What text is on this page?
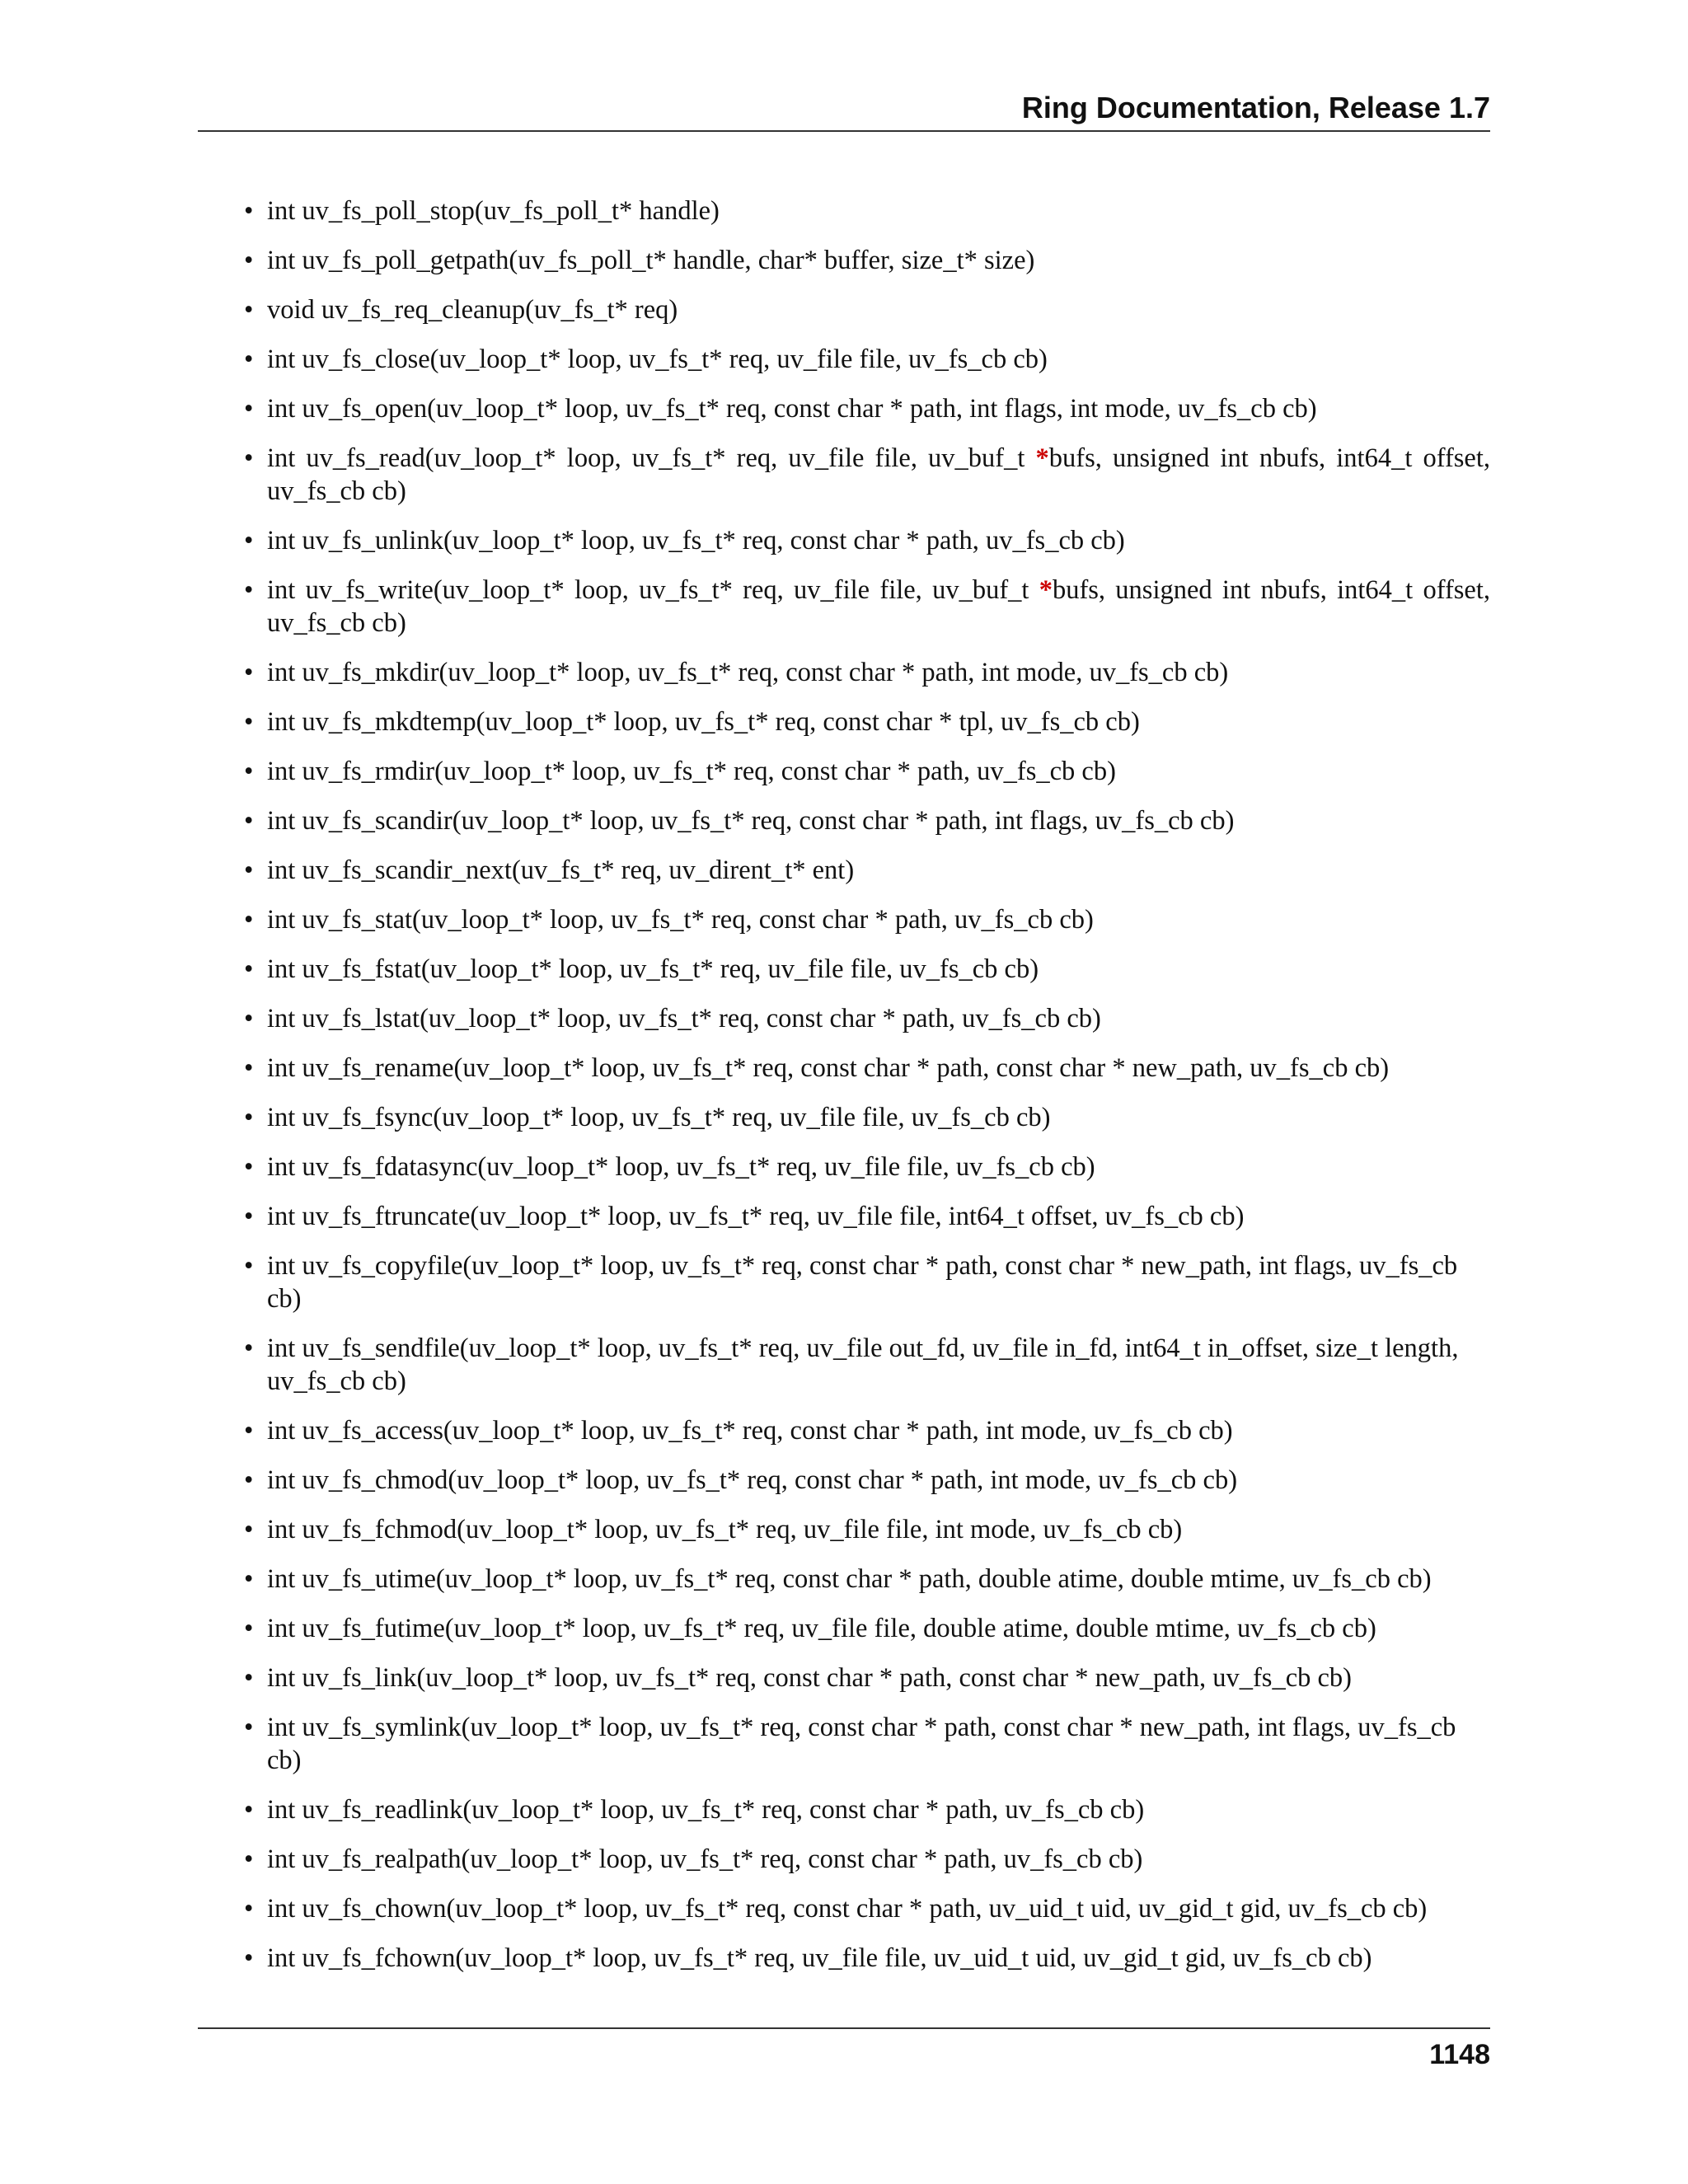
Ring Documentation, Release 1.7
• int uv_fs_poll_stop(uv_fs_poll_t* handle)
• int uv_fs_poll_getpath(uv_fs_poll_t* handle, char* buffer, size_t* size)
• void uv_fs_req_cleanup(uv_fs_t* req)
• int uv_fs_close(uv_loop_t* loop, uv_fs_t* req, uv_file file, uv_fs_cb cb)
• int uv_fs_open(uv_loop_t* loop, uv_fs_t* req, const char * path, int flags, int mode, uv_fs_cb cb)
• int uv_fs_read(uv_loop_t* loop, uv_fs_t* req, uv_file file, uv_buf_t *bufs, unsigned int nbufs, int64_t offset, uv_fs_cb cb)
• int uv_fs_unlink(uv_loop_t* loop, uv_fs_t* req, const char * path, uv_fs_cb cb)
• int uv_fs_write(uv_loop_t* loop, uv_fs_t* req, uv_file file, uv_buf_t *bufs, unsigned int nbufs, int64_t offset, uv_fs_cb cb)
• int uv_fs_mkdir(uv_loop_t* loop, uv_fs_t* req, const char * path, int mode, uv_fs_cb cb)
• int uv_fs_mkdtemp(uv_loop_t* loop, uv_fs_t* req, const char * tpl, uv_fs_cb cb)
• int uv_fs_rmdir(uv_loop_t* loop, uv_fs_t* req, const char * path, uv_fs_cb cb)
• int uv_fs_scandir(uv_loop_t* loop, uv_fs_t* req, const char * path, int flags, uv_fs_cb cb)
• int uv_fs_scandir_next(uv_fs_t* req, uv_dirent_t* ent)
• int uv_fs_stat(uv_loop_t* loop, uv_fs_t* req, const char * path, uv_fs_cb cb)
• int uv_fs_fstat(uv_loop_t* loop, uv_fs_t* req, uv_file file, uv_fs_cb cb)
• int uv_fs_lstat(uv_loop_t* loop, uv_fs_t* req, const char * path, uv_fs_cb cb)
• int uv_fs_rename(uv_loop_t* loop, uv_fs_t* req, const char * path, const char * new_path, uv_fs_cb cb)
• int uv_fs_fsync(uv_loop_t* loop, uv_fs_t* req, uv_file file, uv_fs_cb cb)
• int uv_fs_fdatasync(uv_loop_t* loop, uv_fs_t* req, uv_file file, uv_fs_cb cb)
• int uv_fs_ftruncate(uv_loop_t* loop, uv_fs_t* req, uv_file file, int64_t offset, uv_fs_cb cb)
• int uv_fs_copyfile(uv_loop_t* loop, uv_fs_t* req, const char * path, const char * new_path, int flags, uv_fs_cb cb)
• int uv_fs_sendfile(uv_loop_t* loop, uv_fs_t* req, uv_file out_fd, uv_file in_fd, int64_t in_offset, size_t length, uv_fs_cb cb)
• int uv_fs_access(uv_loop_t* loop, uv_fs_t* req, const char * path, int mode, uv_fs_cb cb)
• int uv_fs_chmod(uv_loop_t* loop, uv_fs_t* req, const char * path, int mode, uv_fs_cb cb)
• int uv_fs_fchmod(uv_loop_t* loop, uv_fs_t* req, uv_file file, int mode, uv_fs_cb cb)
• int uv_fs_utime(uv_loop_t* loop, uv_fs_t* req, const char * path, double atime, double mtime, uv_fs_cb cb)
• int uv_fs_futime(uv_loop_t* loop, uv_fs_t* req, uv_file file, double atime, double mtime, uv_fs_cb cb)
• int uv_fs_link(uv_loop_t* loop, uv_fs_t* req, const char * path, const char * new_path, uv_fs_cb cb)
• int uv_fs_symlink(uv_loop_t* loop, uv_fs_t* req, const char * path, const char * new_path, int flags, uv_fs_cb cb)
• int uv_fs_readlink(uv_loop_t* loop, uv_fs_t* req, const char * path, uv_fs_cb cb)
• int uv_fs_realpath(uv_loop_t* loop, uv_fs_t* req, const char * path, uv_fs_cb cb)
• int uv_fs_chown(uv_loop_t* loop, uv_fs_t* req, const char * path, uv_uid_t uid, uv_gid_t gid, uv_fs_cb cb)
• int uv_fs_fchown(uv_loop_t* loop, uv_fs_t* req, uv_file file, uv_uid_t uid, uv_gid_t gid, uv_fs_cb cb)
1148
